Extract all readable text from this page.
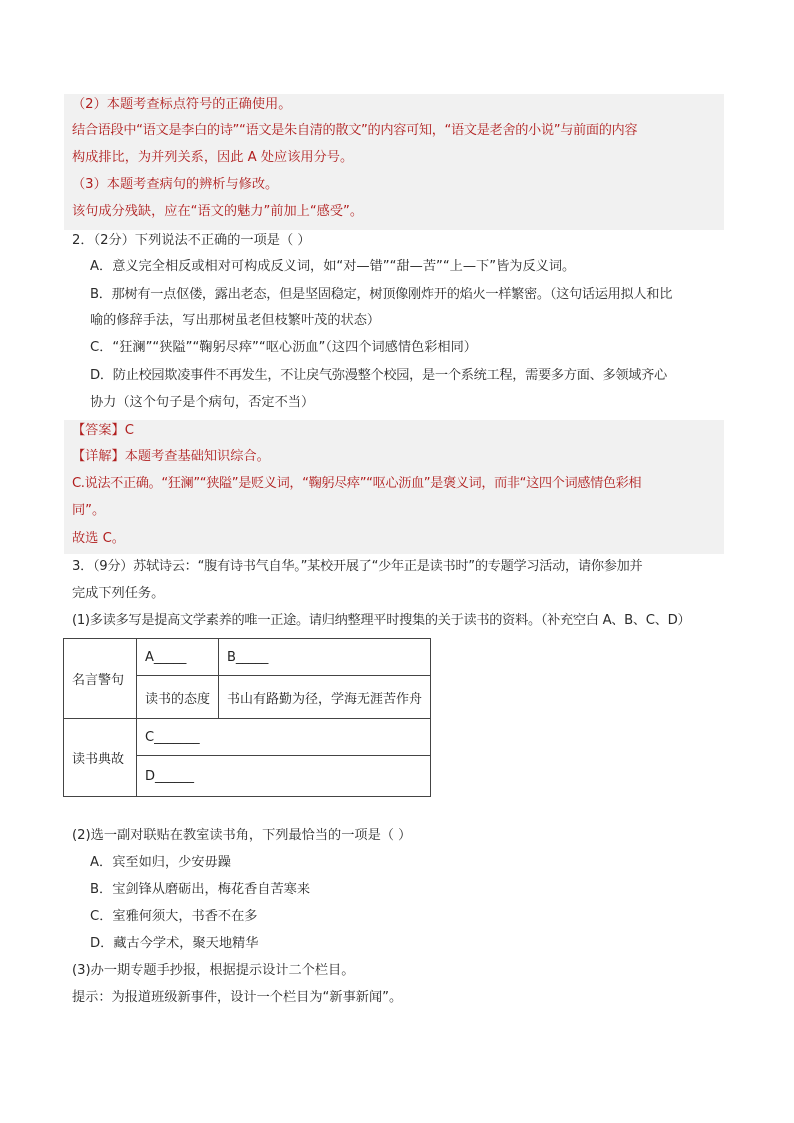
（2）本题考查标点符号的正确使用。
结合语段中“语文是李白的诗”“语文是朱自清的散文”的内容可知，“语文是老舍的小说”与前面的内容
构成排比，为并列关系，因此 A 处应该用分号。
（3）本题考查病句的辨析与修改。
该句成分残缺，应在“语文的魅力”前加上“感受”。
2．（2分）下列说法不正确的一项是（ ）
A．意义完全相反或相对可构成反义词，如“对—错”“甜—苦”“上—下”皆为反义词。
B．那树有一点伛偻，露出老态，但是坚固稳定，树顶像刚炸开的焰火一样繁密。（这句话运用拟人和比
喻的修辞手法，写出那树虽老但枝繁叶茂的状态）
C．“狂澜”“狭隘”“鞠躬尽瘁”“呕心沥血”（这四个词感情色彩相同）
D．防止校园欺凌事件不再发生，不让戾气弥漫整个校园，是一个系统工程，需要多方面、多领域齐心
协力（这个句子是个病句，否定不当）
【答案】C
【详解】本题考查基础知识综合。
C.说法不正确。“狂澜”“狭隘”是贬义词，“鞠躬尽瘁”“呕心沥血”是褒义词，而非“这四个词感情色彩相
同”。
故选 C。
3．（9分）苏轼诗云：“腹有诗书气自华。”某校开展了“少年正是读书时”的专题学习活动，请你参加并
完成下列任务。
(1)多读多写是提高文学素养的唯一正途。请归纳整理平时搜集的关于读书的资料。（补充空白 A、B、C、D）
名言警句	A_____	B_____
	读书的态度	书山有路勤为径，学海无涯苦作舟
读书典故	C_______	
	D______	
(2)选一副对联贴在教室读书角，下列最恰当的一项是（ ）
A．宾至如归，少安毋躁
B．宝剑锋从磨砺出，梅花香自苦寒来
C．室雅何须大，书香不在多
D．藏古今学术，聚天地精华
(3)办一期专题手抄报，根据提示设计二个栏目。
提示：为报道班级新事件，设计一个栏目为“新事新闻”。
